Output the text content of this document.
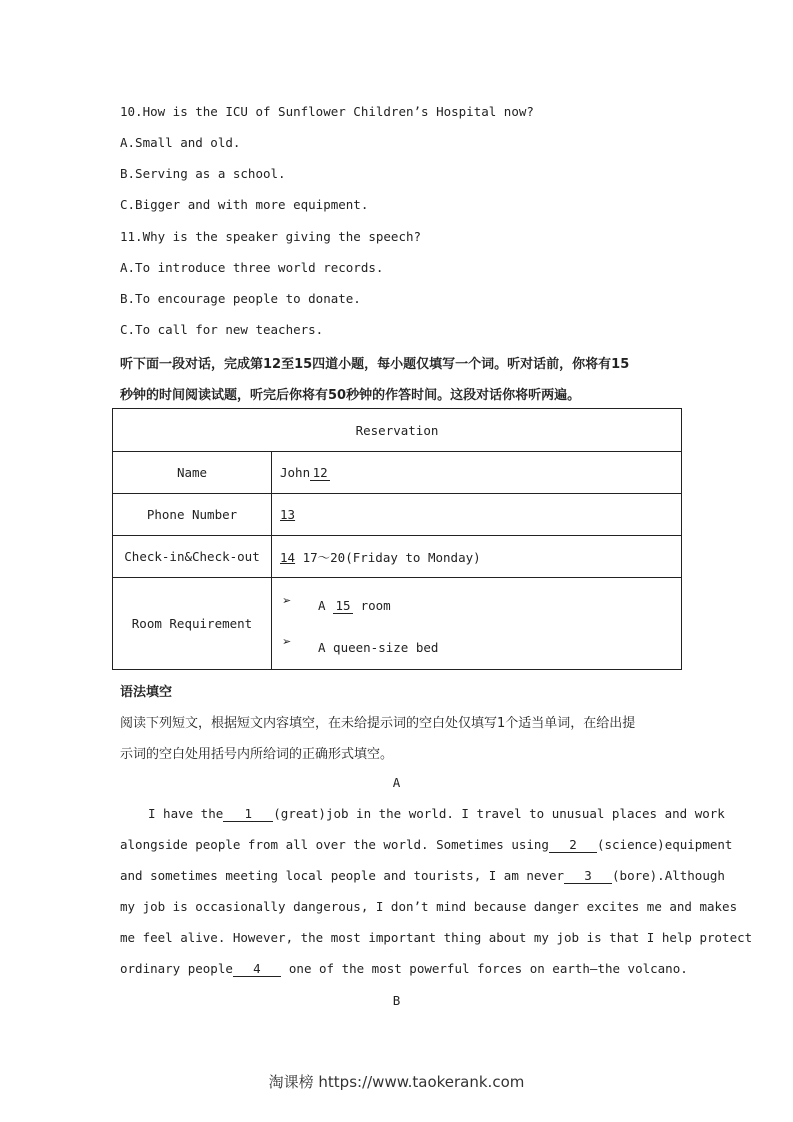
10.How is the ICU of Sunflower Children’s Hospital now?
A.Small and old.
B.Serving as a school.
C.Bigger and with more equipment.
11.Why is the speaker giving the speech?
A.To introduce three world records.
B.To encourage people to donate.
C.To call for new teachers.
听下面一段对话，完成第12至15四道小题，每小题仅填写一个词。听对话前，你将有15
秒钟的时间阅读试题，听完后你将有50秒钟的作答时间。这段对话你将听两遍。
Reservation	
Name	John 12
Phone Number	13
Check-in&Check-out	14 17～20(Friday to Monday)
Room Requirement	➢ A 15 room
➢ A queen-size bed
语法填空
阅读下列短文，根据短文内容填空，在未给提示词的空白处仅填写1个适当单词，在给出提
示词的空白处用括号内所给词的正确形式填空。
A
I have the 1 (great)job in the world. I travel to unusual places and work
alongside people from all over the world. Sometimes using 2 (science)equipment
and sometimes meeting local people and tourists, I am never 3 (bore).Although
my job is occasionally dangerous, I don’t mind because danger excites me and makes
me feel alive. However, the most important thing about my job is that I help protect
ordinary people 4 one of the most powerful forces on earth—the volcano.
B
淘课榜 https://www.taokerank.com
